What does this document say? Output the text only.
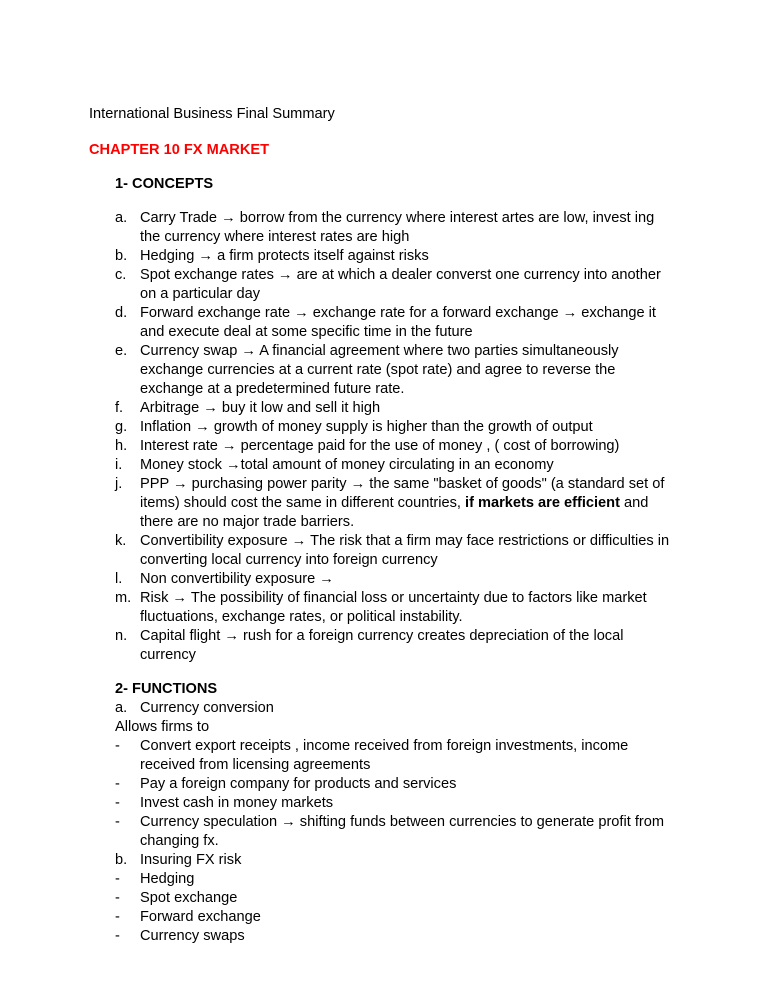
International Business Final Summary
CHAPTER 10 FX MARKET
1- CONCEPTS
a. Carry Trade → borrow from the currency where interest artes are low, invest ing the currency where interest rates are high
b. Hedging → a firm protects itself against risks
c. Spot exchange rates → are at which a dealer converst one currency into another on a particular day
d. Forward exchange rate → exchange rate for a forward exchange → exchange it and execute deal at some specific time in the future
e. Currency swap → A financial agreement where two parties simultaneously exchange currencies at a current rate (spot rate) and agree to reverse the exchange at a predetermined future rate.
f.	Arbitrage → buy it low and sell it high
g. Inflation → growth of money supply is higher than the growth of output
h. Interest rate → percentage paid for the use of money , ( cost of borrowing)
i.	Money stock →total amount of money circulating in an economy
j.	PPP → purchasing power parity → the same "basket of goods" (a standard set of items) should cost the same in different countries, if markets are efficient and there are no major trade barriers.
k. Convertibility exposure → The risk that a firm may face restrictions or difficulties in converting local currency into foreign currency
l.	Non convertibility exposure →
m. Risk → The possibility of financial loss or uncertainty due to factors like market fluctuations, exchange rates, or political instability.
n. Capital flight → rush for a foreign currency creates depreciation of the local currency
2- FUNCTIONS
a. Currency conversion
Allows firms to
-	Convert export receipts , income received from foreign investments, income received from licensing agreements
-	Pay a foreign company for products and services
-	Invest cash in money markets
-	Currency speculation → shifting funds between currencies to generate profit from changing fx.
b. Insuring FX risk
-	Hedging
-	Spot exchange
-	Forward exchange
-	Currency swaps
